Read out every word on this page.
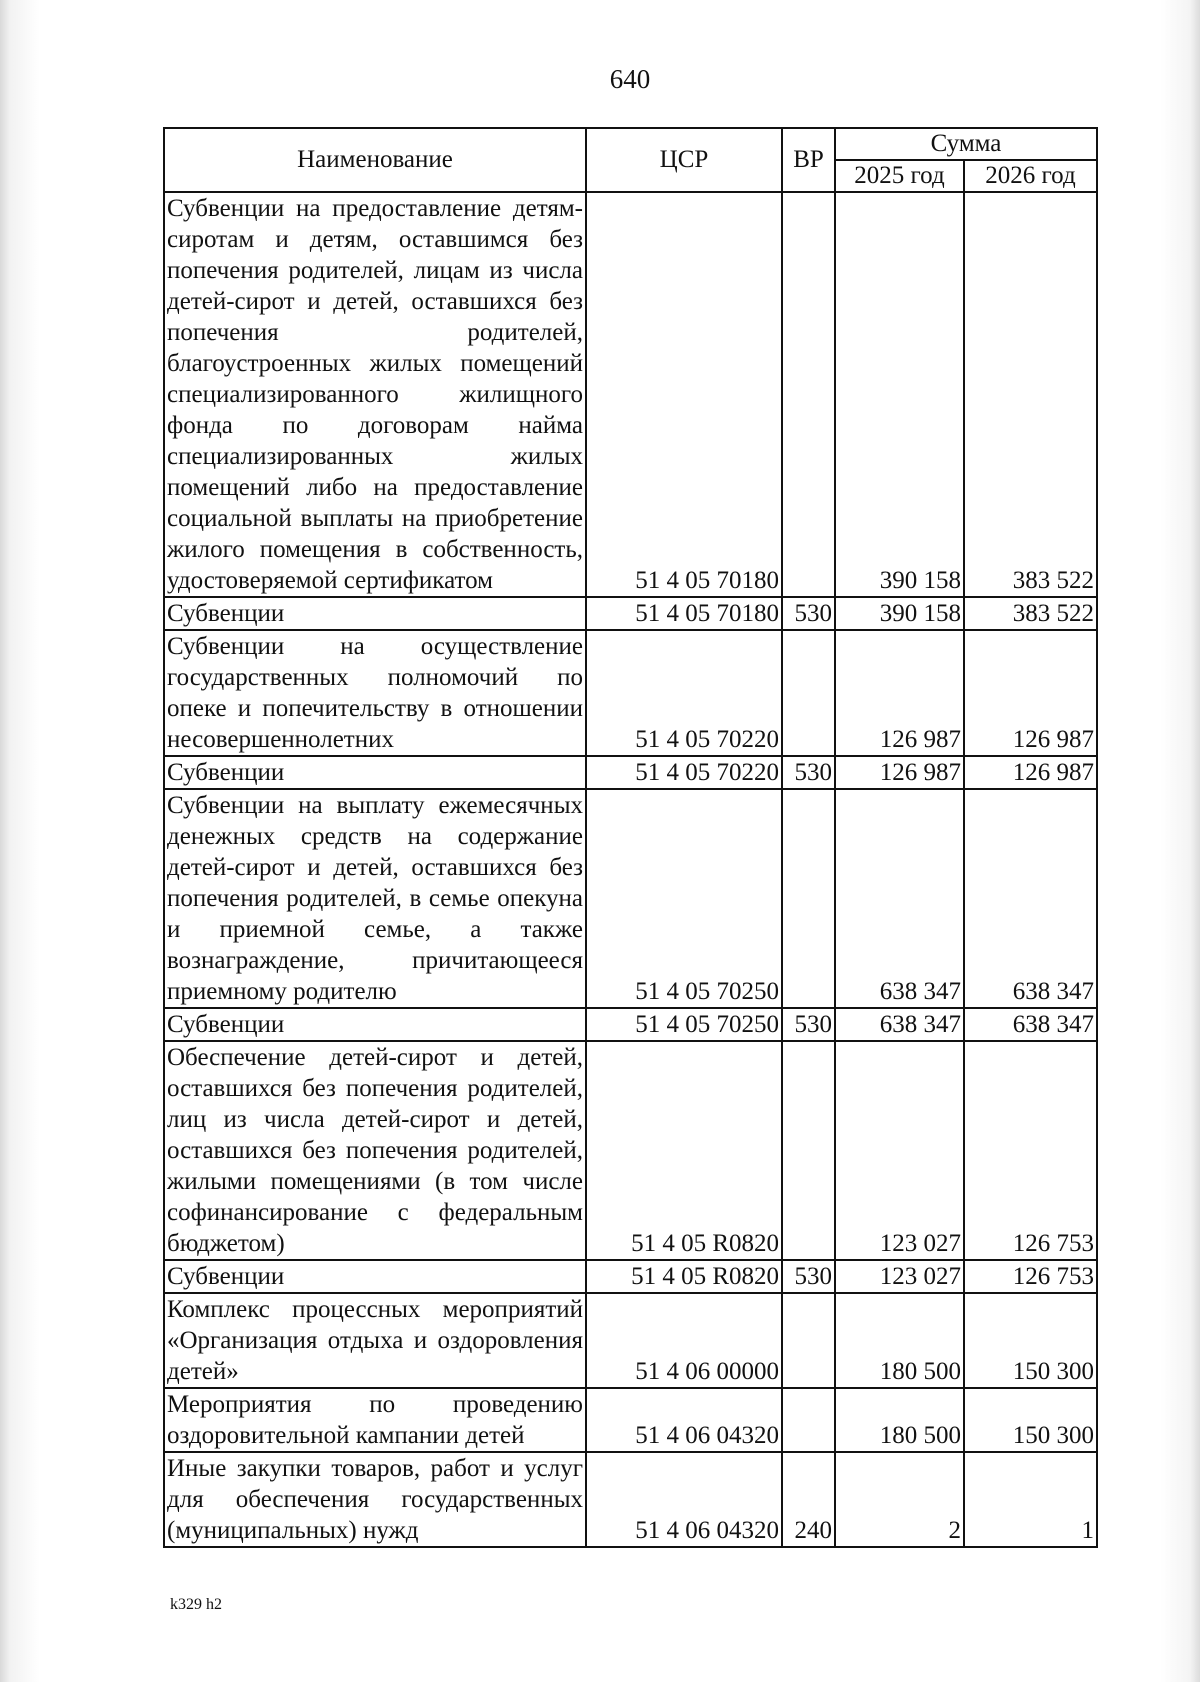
640
Наименование	ЦСР	ВР	Сумма	
			2025 год	2026 год
Субвенции на предоставление детям-сиротам и детям, оставшимся без попечения родителей, лицам из числа детей-сирот и детей, оставшихся без попечения родителей, благоустроенных жилых помещений специализированного жилищного фонда по договорам найма специализированных жилых помещений либо на предоставление социальной выплаты на приобретение жилого помещения в собственность, удостоверяемой сертификатом	51 4 05 70180		390 158	383 522
Субвенции	51 4 05 70180	530	390 158	383 522
Субвенции на осуществление государственных полномочий по опеке и попечительству в отношении несовершеннолетних	51 4 05 70220		126 987	126 987
Субвенции	51 4 05 70220	530	126 987	126 987
Субвенции на выплату ежемесячных денежных средств на содержание детей-сирот и детей, оставшихся без попечения родителей, в семье опекуна и приемной семье, а также вознаграждение, причитающееся приемному родителю	51 4 05 70250		638 347	638 347
Субвенции	51 4 05 70250	530	638 347	638 347
Обеспечение детей-сирот и детей, оставшихся без попечения родителей, лиц из числа детей-сирот и детей, оставшихся без попечения родителей, жилыми помещениями (в том числе софинансирование с федеральным бюджетом)	51 4 05 R0820		123 027	126 753
Субвенции	51 4 05 R0820	530	123 027	126 753
Комплекс процессных мероприятий «Организация отдыха и оздоровления детей»	51 4 06 00000		180 500	150 300
Мероприятия по проведению оздоровительной кампании детей	51 4 06 04320		180 500	150 300
Иные закупки товаров, работ и услуг для обеспечения государственных (муниципальных) нужд	51 4 06 04320	240	2	1
k329 h2
